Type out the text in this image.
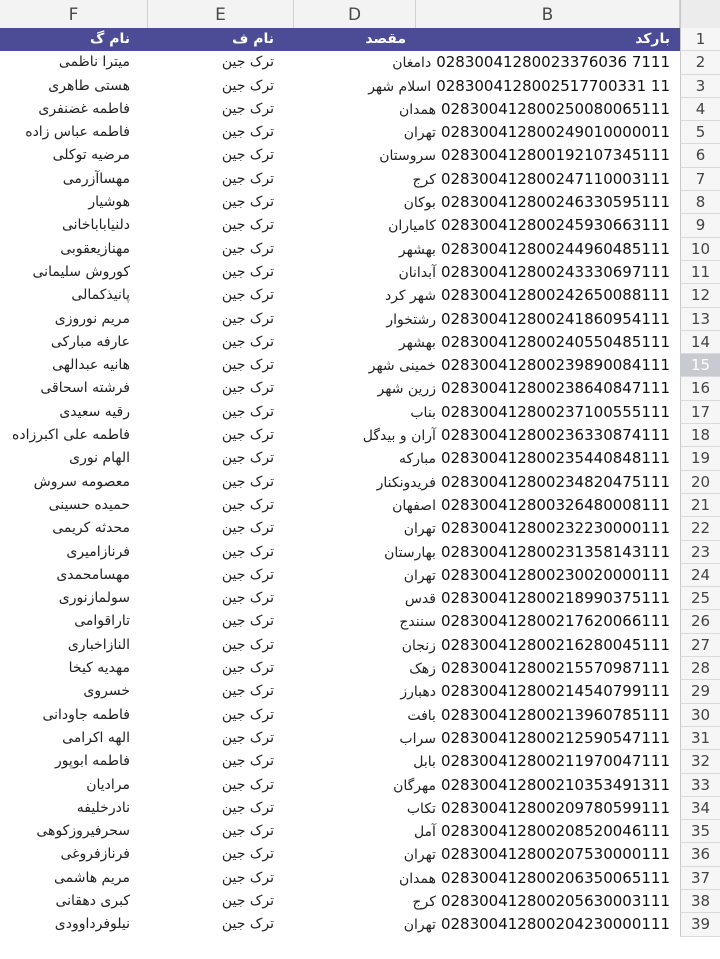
F	E	D	B
نام گ	نام ف	مقصد	بارکد	1
میترا ناظمی	ترک جین	دامغان 02830041280023376036 7111	2
هستی طاهری	ترک جین	اسلام شهر 0283004128002517700331 11	3
فاطمه غضنفری	ترک جین	همدان 028300412800250080065111	4
فاطمه عباس زاده	ترک جین	تهران 028300412800249010000011	5
مرضیه توکلی	ترک جین	سروستان 028300412800192107345111	6
مهساآزرمی	ترک جین	کرج 028300412800247110003111	7
هوشیار	ترک جین	بوکان 028300412800246330595111	8
دلنیاباباخانی	ترک جین	کامیاران 028300412800245930663111	9
مهنازیعقوبی	ترک جین	بهشهر 028300412800244960485111	10
کوروش سلیمانی	ترک جین	آبدانان 028300412800243330697111	11
پانیذکمالی	ترک جین	شهر کرد 028300412800242650088111	12
مریم نوروزی	ترک جین	رشتخوار 028300412800241860954111	13
عارفه مبارکی	ترک جین	بهشهر 028300412800240550485111	14
هانیه عبدالهی	ترک جین	خمینی شهر 028300412800239890084111	15
فرشته اسحاقی	ترک جین	زرین شهر 028300412800238640847111	16
رقیه سعیدی	ترک جین	بناب 028300412800237100555111	17
فاطمه علی اکبرزاده	ترک جین	آران و بیدگل 028300412800236330874111	18
الهام نوری	ترک جین	مبارکه 028300412800235440848111	19
معصومه سروش	ترک جین	فریدونکنار 028300412800234820475111	20
حمیده حسینی	ترک جین	اصفهان 028300412800326480008111	21
محدثه کریمی	ترک جین	تهران 028300412800232230000111	22
فرنازامیری	ترک جین	بهارستان 028300412800231358143111	23
مهسامحمدی	ترک جین	تهران 028300412800230020000111	24
سولمازنوری	ترک جین	قدس 028300412800218990375111	25
تاراقوامی	ترک جین	سنندج 028300412800217620066111	26
النازاخباری	ترک جین	زنجان 028300412800216280045111	27
مهدیه کیخا	ترک جین	زهک 028300412800215570987111	28
خسروی	ترک جین	دهبارز 028300412800214540799111	29
فاطمه جاودانی	ترک جین	بافت 028300412800213960785111	30
الهه اکرامی	ترک جین	سراب 028300412800212590547111	31
فاطمه ابوپور	ترک جین	بابل 028300412800211970047111	32
مرادیان	ترک جین	مهرگان 028300412800210353491311	33
نادرخلیفه	ترک جین	تکاب 028300412800209780599111	34
سحرفیروزکوهی	ترک جین	آمل 028300412800208520046111	35
فرنازفروغی	ترک جین	تهران 028300412800207530000111	36
مریم هاشمی	ترک جین	همدان 028300412800206350065111	37
کبری دهقانی	ترک جین	کرج 028300412800205630003111	38
نیلوفرداوودی	ترک جین	تهران 028300412800204230000111	39
